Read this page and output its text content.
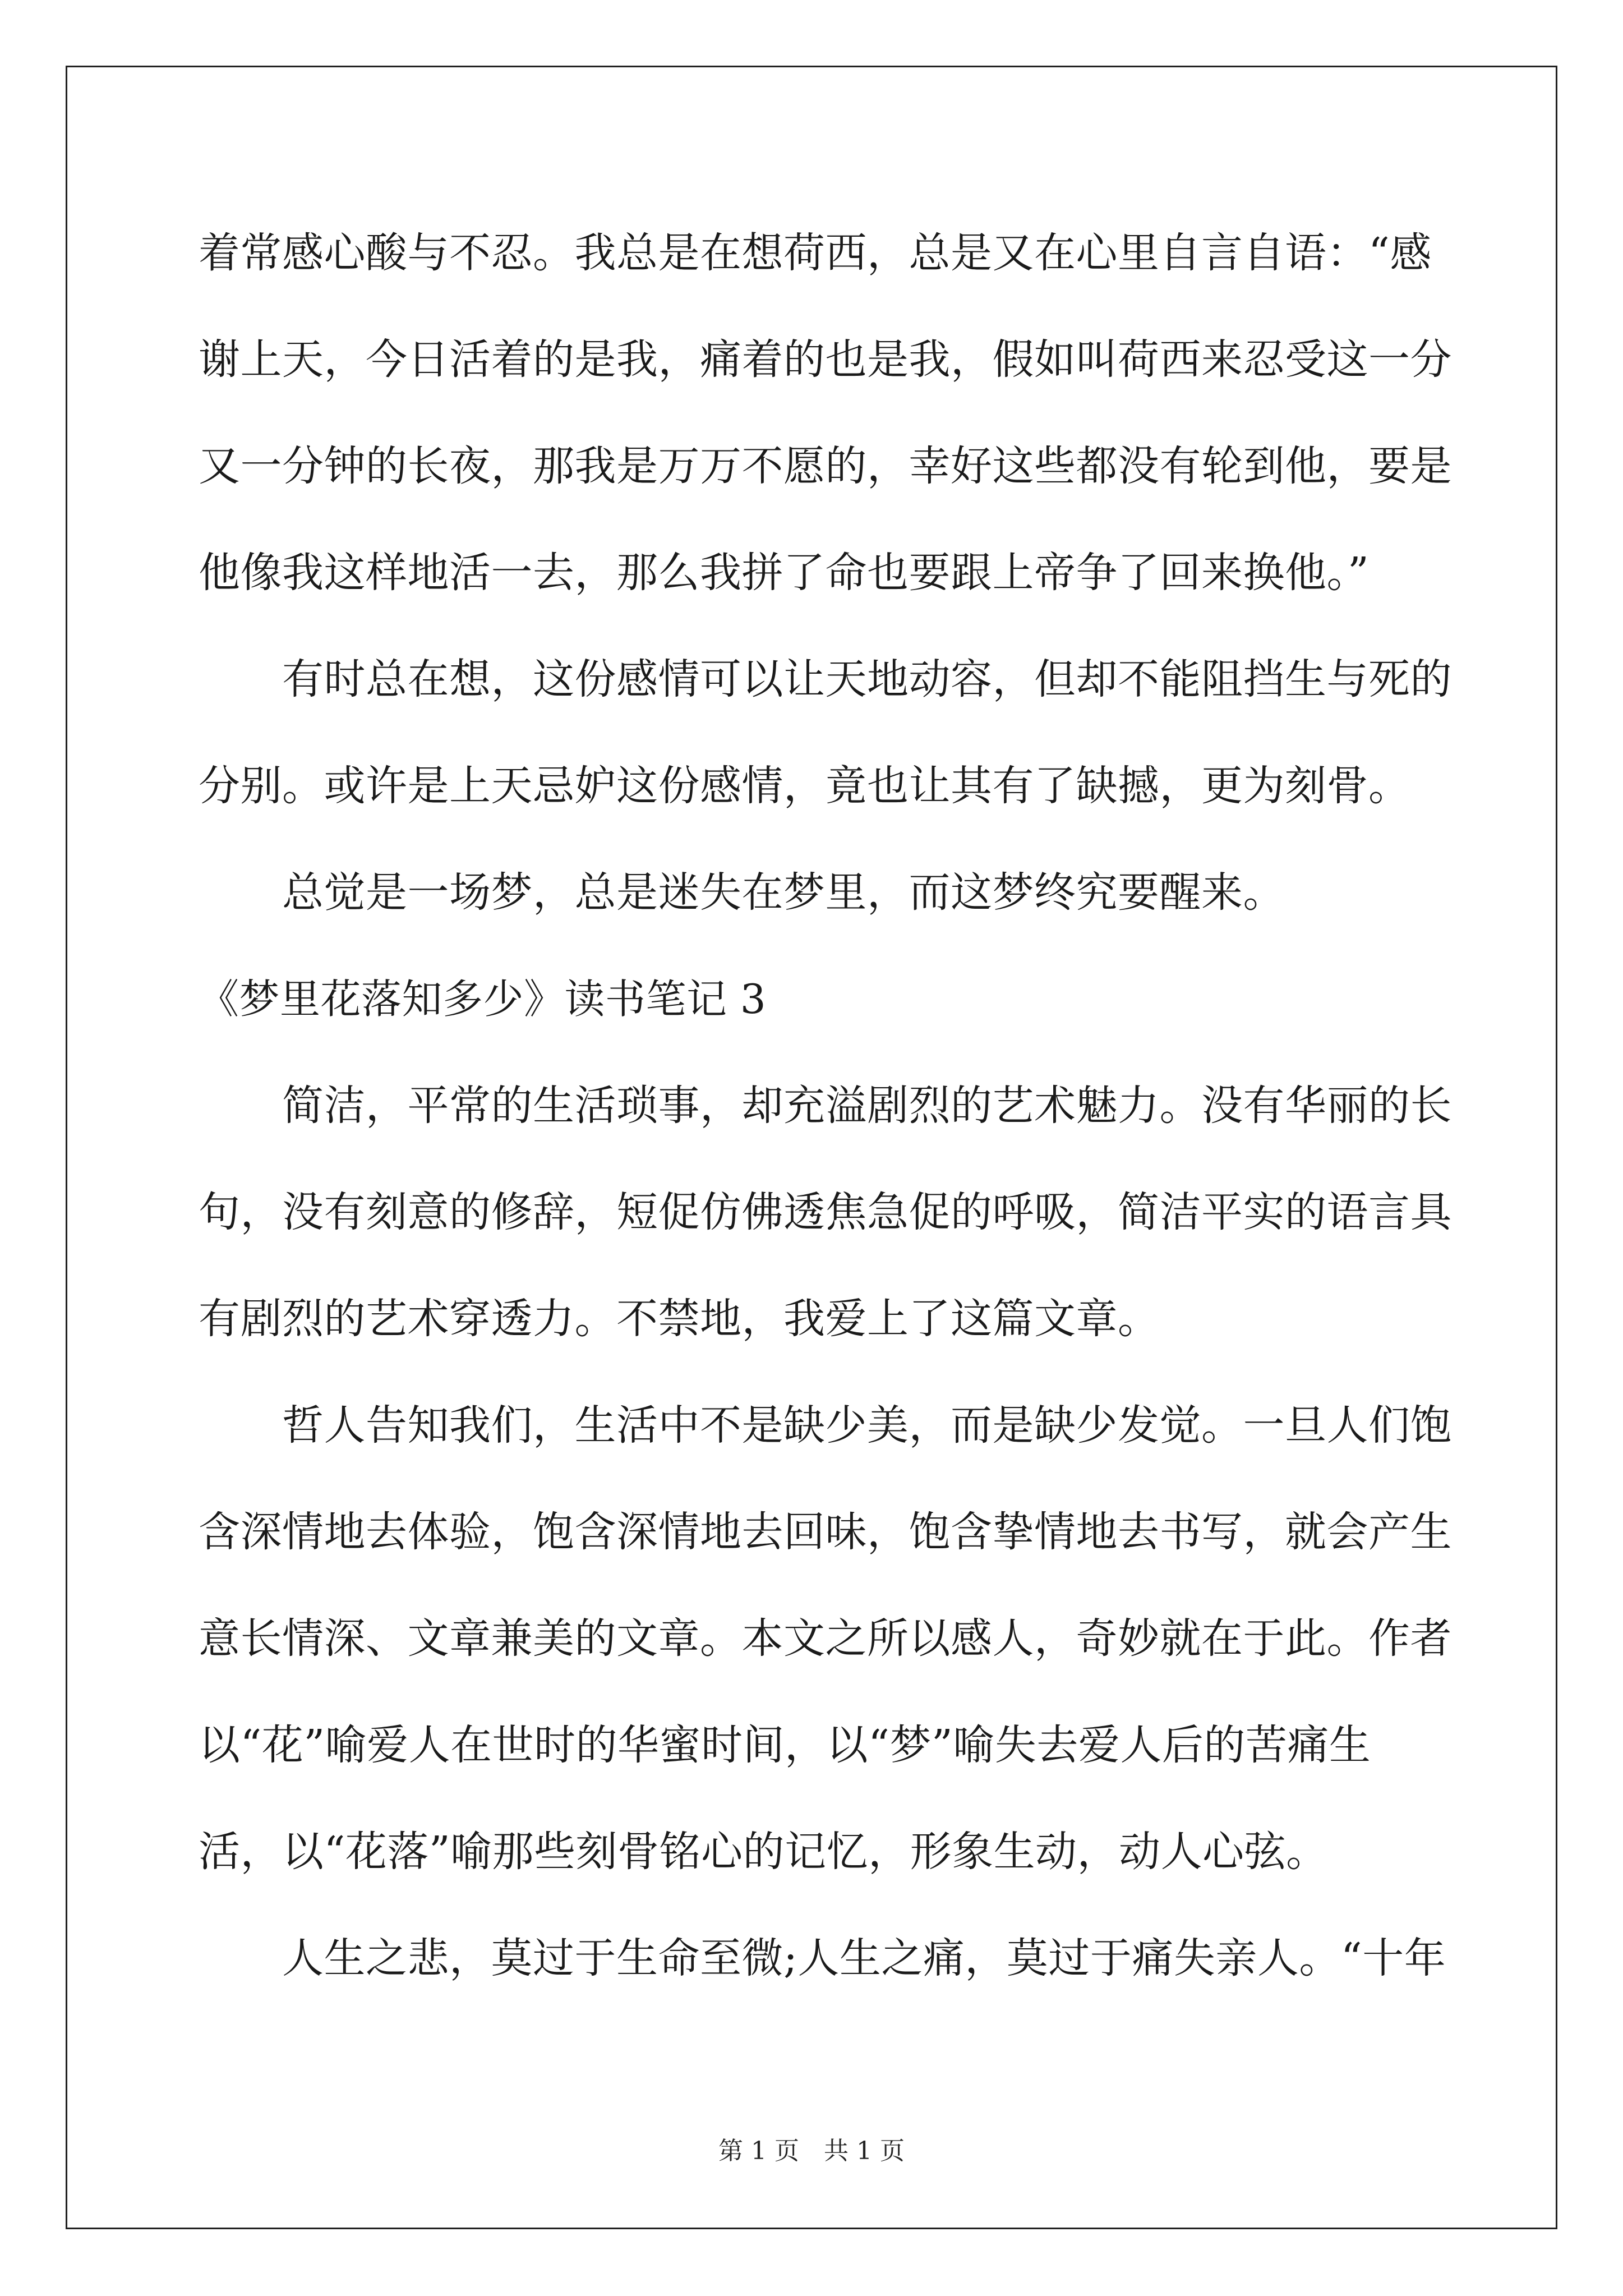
着常感心酸与不忍。我总是在想荷西，总是又在心里自言自语：“感
谢上天，今日活着的是我，痛着的也是我，假如叫荷西来忍受这一分
又一分钟的长夜，那我是万万不愿的，幸好这些都没有轮到他，要是
他像我这样地活一去，那么我拼了命也要跟上帝争了回来换他。”
　　有时总在想，这份感情可以让天地动容，但却不能阻挡生与死的
分别。或许是上天忌妒这份感情，竟也让其有了缺撼，更为刻骨。
　　总觉是一场梦，总是迷失在梦里，而这梦终究要醒来。
《梦里花落知多少》读书笔记 3
　　简洁，平常的生活琐事，却充溢剧烈的艺术魅力。没有华丽的长
句，没有刻意的修辞，短促仿佛透焦急促的呼吸，简洁平实的语言具
有剧烈的艺术穿透力。不禁地，我爱上了这篇文章。
　　哲人告知我们，生活中不是缺少美，而是缺少发觉。一旦人们饱
含深情地去体验，饱含深情地去回味，饱含挚情地去书写，就会产生
意长情深、文章兼美的文章。本文之所以感人，奇妙就在于此。作者
以“花”喻爱人在世时的华蜜时间，以“梦”喻失去爱人后的苦痛生
活，以“花落”喻那些刻骨铭心的记忆，形象生动，动人心弦。
　　人生之悲，莫过于生命至微;人生之痛，莫过于痛失亲人。“十年
第 1 页　共 1 页
